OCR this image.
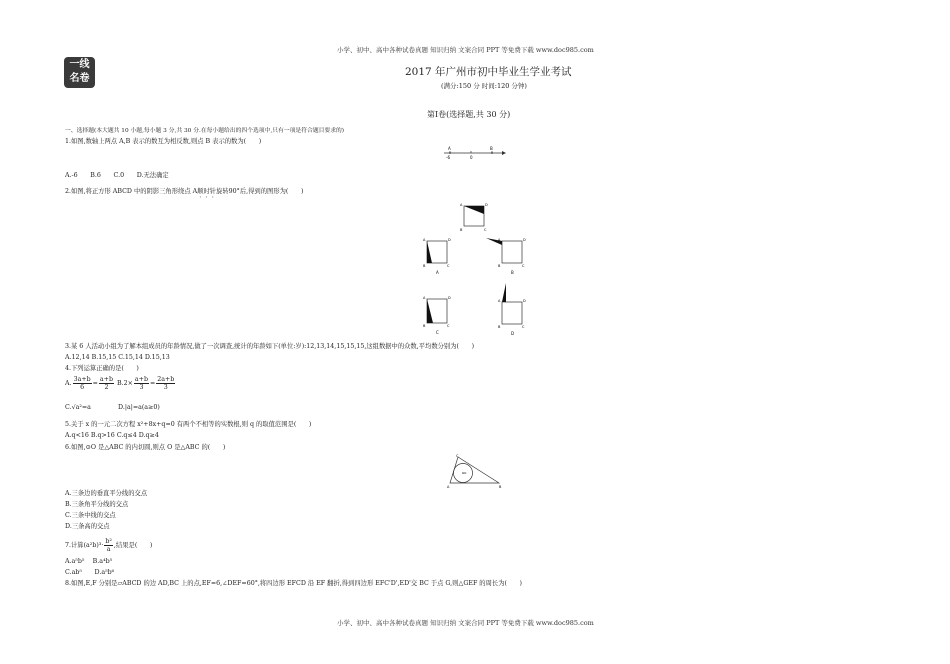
小学、初中、高中各种试卷真题 知识归纳 文案合同 PPT 等免费下载 www.doc985.com
一线
名卷
2017 年广州市初中毕业生学业考试
(满分:150 分 时间:120 分钟)
第Ⅰ卷(选择题,共 30 分)
一、选择题(本大题共 10 小题,每小题 3 分,共 30 分.在每小题给出的四个选项中,只有一项是符合题目要求的)
1.如图,数轴上两点 A,B 表示的数互为相反数,则点 B 表示的数为(　　)
A	B
-6	0
A.-6　　B.6　　C.0　　D.无法确定
2.如图,将正方形 ABCD 中的阴影三角形绕点 A顺时针旋转90°后,得到的图形为(　　)
A	D
B	C
A	D
B	C
A
A	D
B	C
B
A	D
B	C
C
A	D
B	C
D
3.某 6 人活动小组为了解本组成员的年龄情况,做了一次调查,统计的年龄如下(单位:岁):12,13,14,15,15,15,这组数据中的众数,平均数分别为(　　)
A.12,14 B.15,15 C.15,14 D.15,13
4.下列运算正确的是(　　)
A. $\frac{3a+b}{6} = \frac{a+b}{2} B.2\times \frac{a+b}{3} = \frac{2a+b}{3}$
C.√a²=a	D.|a|=a(a≥0)
5.关于 x 的一元二次方程 x²+8x+q=0 有两个不相等的实数根,则 q 的取值范围是(　　)
A.q<16 B.q>16 C.q≤4 D.q≥4
6.如图,⊙O 是△ABC 的内切圆,则点 O 是△ABC 的(　　)
C
A	B
O
A.三条边的垂直平分线的交点
B.三条角平分线的交点
C.三条中线的交点
D.三条高的交点
7.计算$(a^2b)^3\cdot \frac{\text{b²}}{a}$ ,结果是(　　)
A.a⁵b⁵　 B.a⁴b⁵
C.ab⁵　　D.a⁵b⁶
8.如图,E,F 分别是▱ABCD 的边 AD,BC 上的点,EF=6,∠DEF=60°,将四边形 EFCD 沿 EF 翻折,得到四边形 EFC'D',ED'交 BC 于点 G,则△GEF 的周长为(　　)
小学、初中、高中各种试卷真题 知识归纳 文案合同 PPT 等免费下载 www.doc985.com
